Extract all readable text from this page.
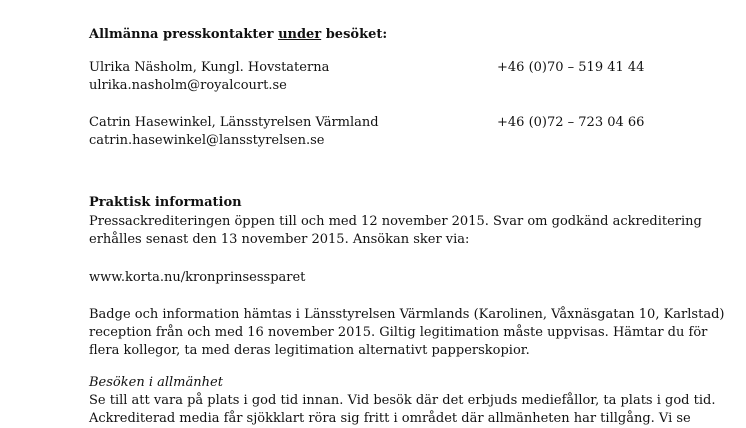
Allmänna presskontakter under besöket:
Ulrika Näsholm, Kungl. Hovstaterna	+46 (0)70 – 519 41 44
ulrika.nasholm@royalcourt.se
Catrin Hasewinkel, Länsstyrelsen Värmland	+46 (0)72 – 723 04 66
catrin.hasewinkel@lansstyrelsen.se
Praktisk information
Pressackrediteringen öppen till och med 12 november 2015. Svar om godkänd ackreditering
erhålles senast den 13 november 2015. Ansökan sker via:
www.korta.nu/kronprinsessparet
Badge och information hämtas i Länsstyrelsen Värmlands (Karolinen, Våxnäsgatan 10, Karlstad)
reception från och med 16 november 2015. Giltig legitimation måste uppvisas. Hämtar du för
flera kollegor, ta med deras legitimation alternativt papperskopior.
Besöken i allmänhet
Se till att vara på plats i god tid innan. Vid besök där det erbjuds mediefållor, ta plats i god tid.
Ackrediterad media får sjökklart röra sig fritt i området där allmänheten har tillgång. Vi se
